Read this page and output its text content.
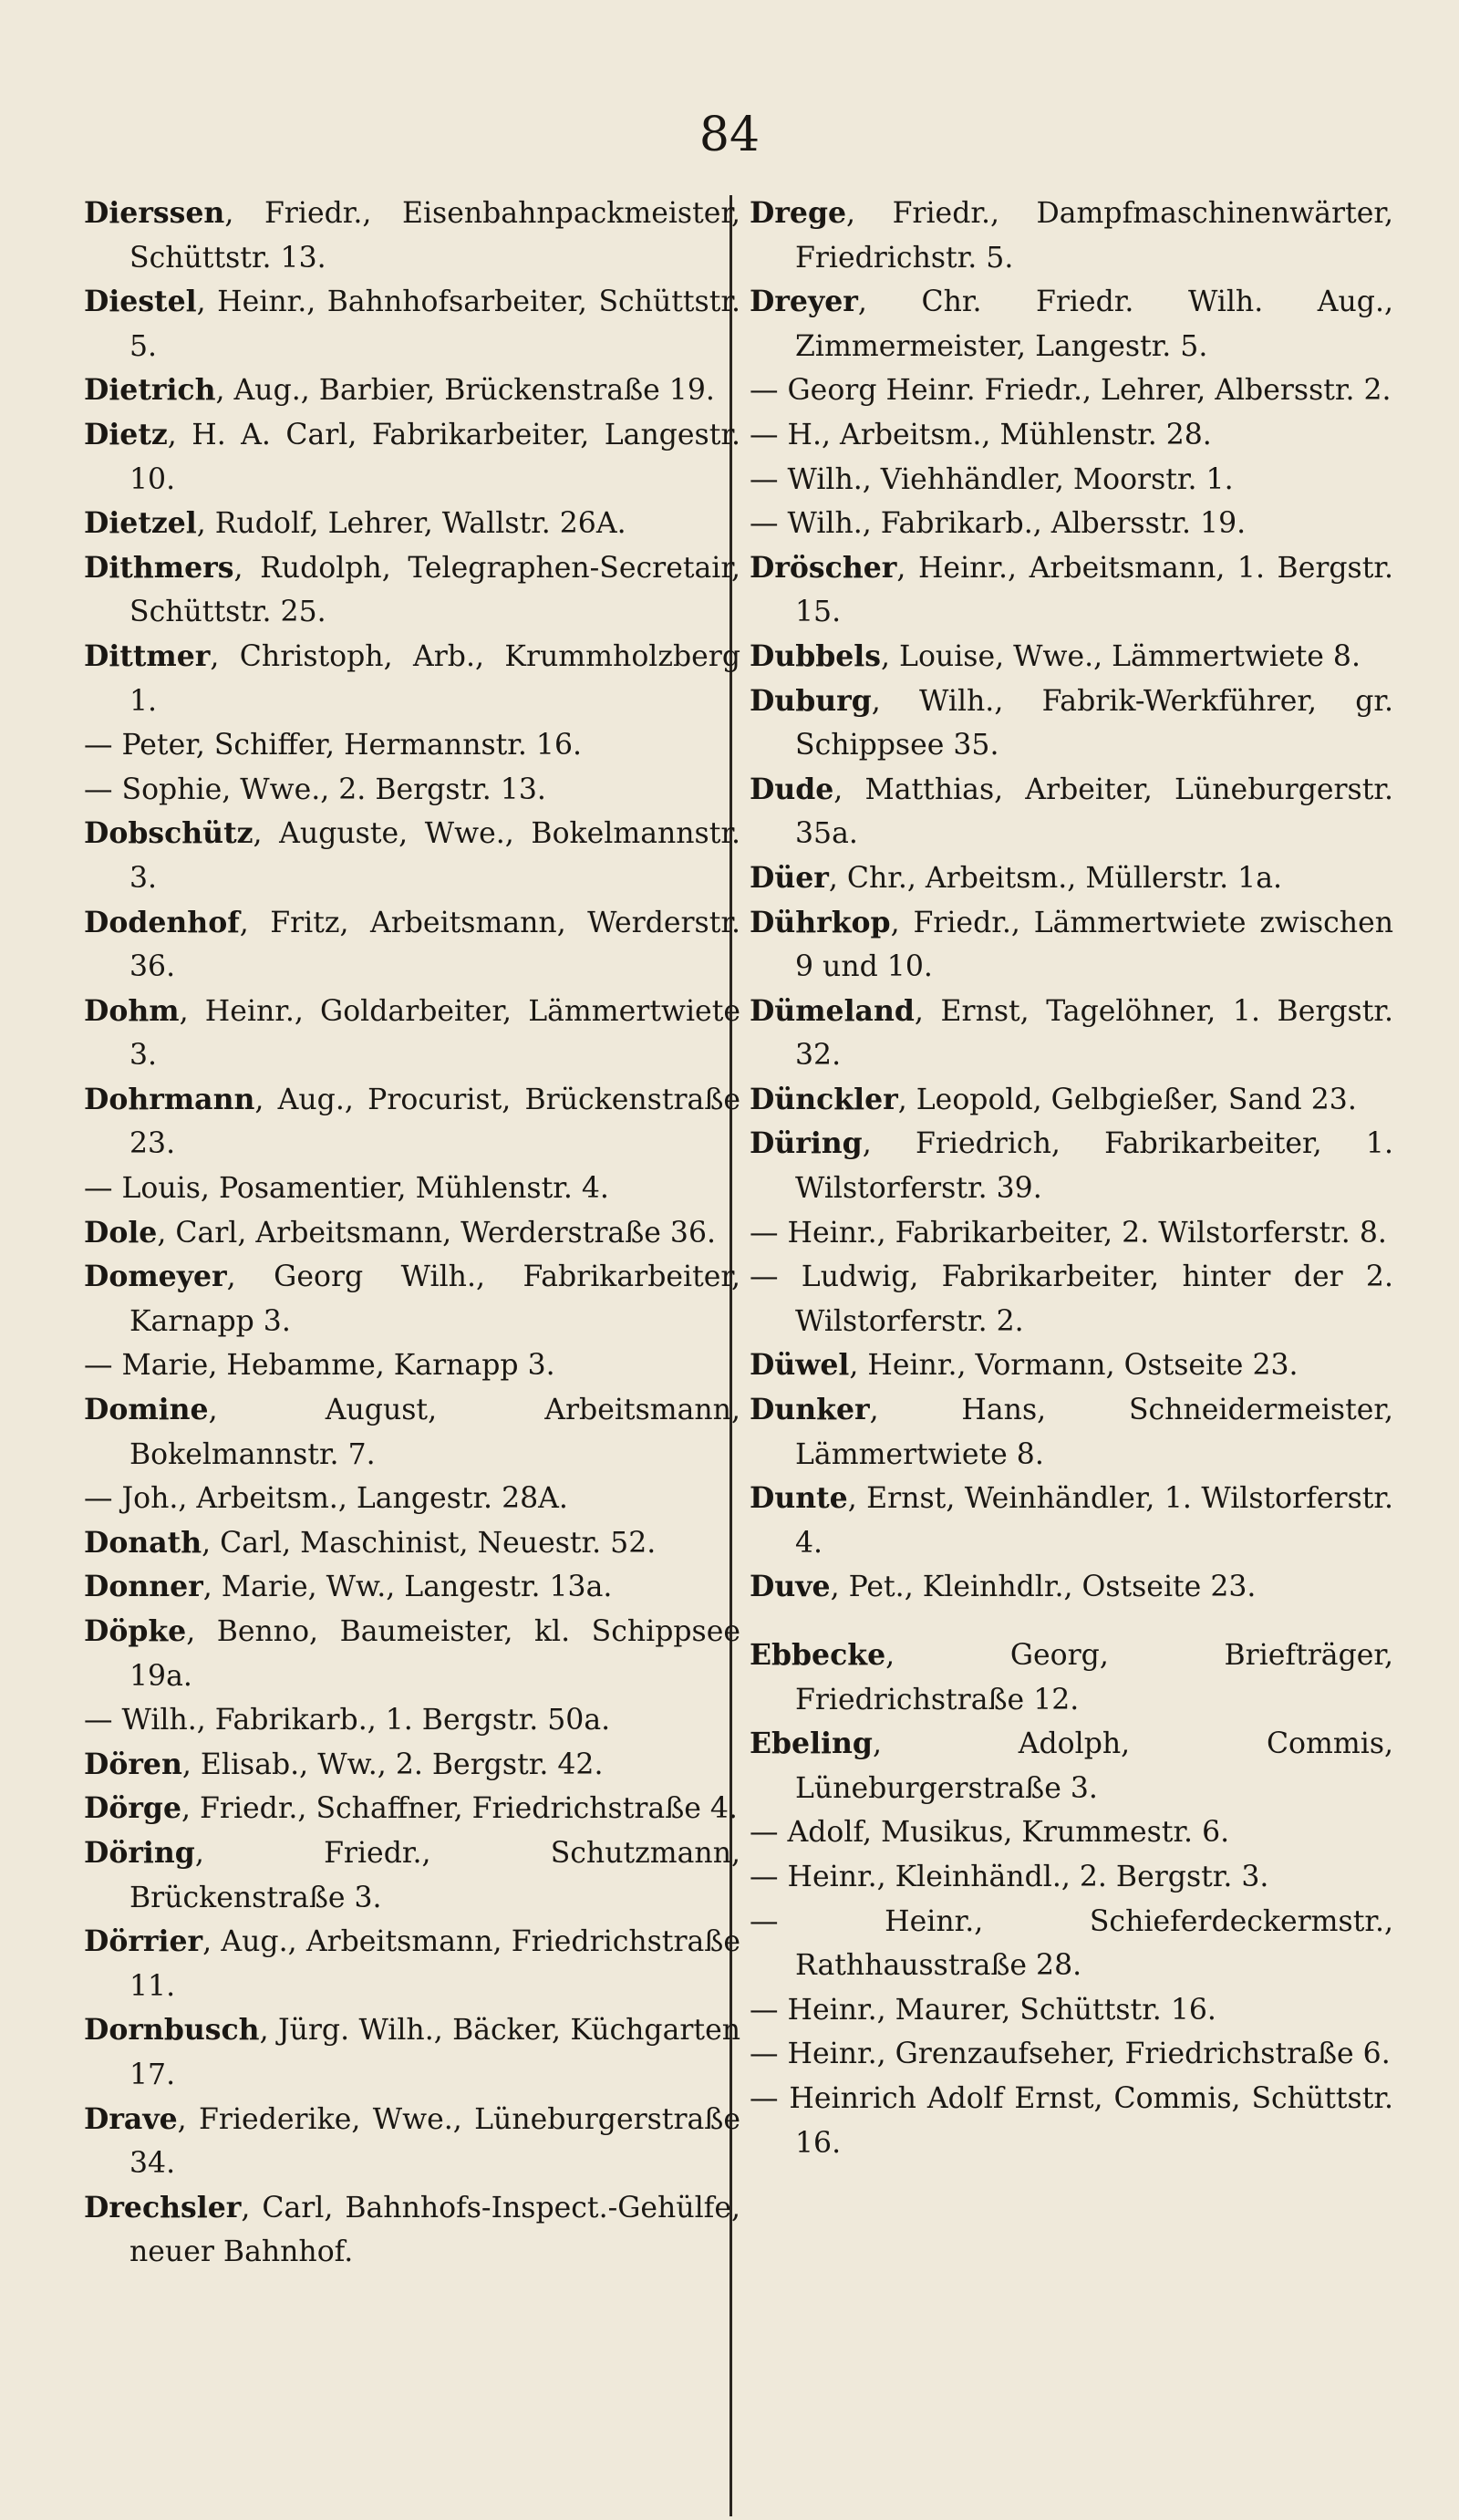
84

Dierssen, Friedr., Eisenbahnpackmeister, Schüttstr. 13.

Diestel, Heinr., Bahnhofsarbeiter, Schüttstr. 5.

Dietrich, Aug., Barbier, Brückenstraße 19.

Dietz, H. A. Carl, Fabrikarbeiter, Langestr. 10.

Dietzel, Rudolf, Lehrer, Wallstr. 26A.

Dithmers, Rudolph, Telegraphen-Secretair, Schüttstr. 25.

Dittmer, Christoph, Arb., Krummholzberg 1.

— Peter, Schiffer, Hermannstr. 16.

— Sophie, Wwe., 2. Bergstr. 13.

Dobschütz, Auguste, Wwe., Bokelmannstr. 3.

Dodenhof, Fritz, Arbeitsmann, Werderstr. 36.

Dohm, Heinr., Goldarbeiter, Lämmertwiete 3.

Dohrmann, Aug., Procurist, Brückenstraße 23.

— Louis, Posamentier, Mühlenstr. 4.

Dole, Carl, Arbeitsmann, Werderstraße 36.

Domeyer, Georg Wilh., Fabrikarbeiter, Karnapp 3.

— Marie, Hebamme, Karnapp 3.

Domine, August, Arbeitsmann, Bokelmannstr. 7.

— Joh., Arbeitsm., Langestr. 28A.

Donath, Carl, Maschinist, Neuestr. 52.

Donner, Marie, Ww., Langestr. 13a.

Döpke, Benno, Baumeister, kl. Schippsee 19a.

— Wilh., Fabrikarb., 1. Bergstr. 50a.

Dören, Elisab., Ww., 2. Bergstr. 42.

Dörge, Friedr., Schaffner, Friedrichstraße 4.

Döring, Friedr., Schutzmann, Brückenstraße 3.

Dörrier, Aug., Arbeitsmann, Friedrichstraße 11.

Dornbusch, Jürg. Wilh., Bäcker, Küchgarten 17.

Drave, Friederike, Wwe., Lüneburgerstraße 34.

Drechsler, Carl, Bahnhofs-Inspect.-Gehülfe, neuer Bahnhof.

Drege, Friedr., Dampfmaschinenwärter, Friedrichstr. 5.

Dreyer, Chr. Friedr. Wilh. Aug., Zimmermeister, Langestr. 5.

— Georg Heinr. Friedr., Lehrer, Albersstr. 2.

— H., Arbeitsm., Mühlenstr. 28.

— Wilh., Viehhändler, Moorstr. 1.

— Wilh., Fabrikarb., Albersstr. 19.

Dröscher, Heinr., Arbeitsmann, 1. Bergstr. 15.

Dubbels, Louise, Wwe., Lämmertwiete 8.

Duburg, Wilh., Fabrik-Werkführer, gr. Schippsee 35.

Dude, Matthias, Arbeiter, Lüneburgerstr. 35a.

Düer, Chr., Arbeitsm., Müllerstr. 1a.

Dührkop, Friedr., Lämmertwiete zwischen 9 und 10.

Dümeland, Ernst, Tagelöhner, 1. Bergstr. 32.

Dünckler, Leopold, Gelbgießer, Sand 23.

Düring, Friedrich, Fabrikarbeiter, 1. Wilstorferstr. 39.

— Heinr., Fabrikarbeiter, 2. Wilstorferstr. 8.

— Ludwig, Fabrikarbeiter, hinter der 2. Wilstorferstr. 2.

Düwel, Heinr., Vormann, Ostseite 23.

Dunker, Hans, Schneidermeister, Lämmertwiete 8.

Dunte, Ernst, Weinhändler, 1. Wilstorferstr. 4.

Duve, Pet., Kleinhdlr., Ostseite 23.

Ebbecke, Georg, Briefträger, Friedrichstraße 12.

Ebeling, Adolph, Commis, Lüneburgerstraße 3.

— Adolf, Musikus, Krummestr. 6.

— Heinr., Kleinhändl., 2. Bergstr. 3.

— Heinr., Schieferdeckermstr., Rathhausstraße 28.

— Heinr., Maurer, Schüttstr. 16.

— Heinr., Grenzaufseher, Friedrichstraße 6.

— Heinrich Adolf Ernst, Commis, Schüttstr. 16.
